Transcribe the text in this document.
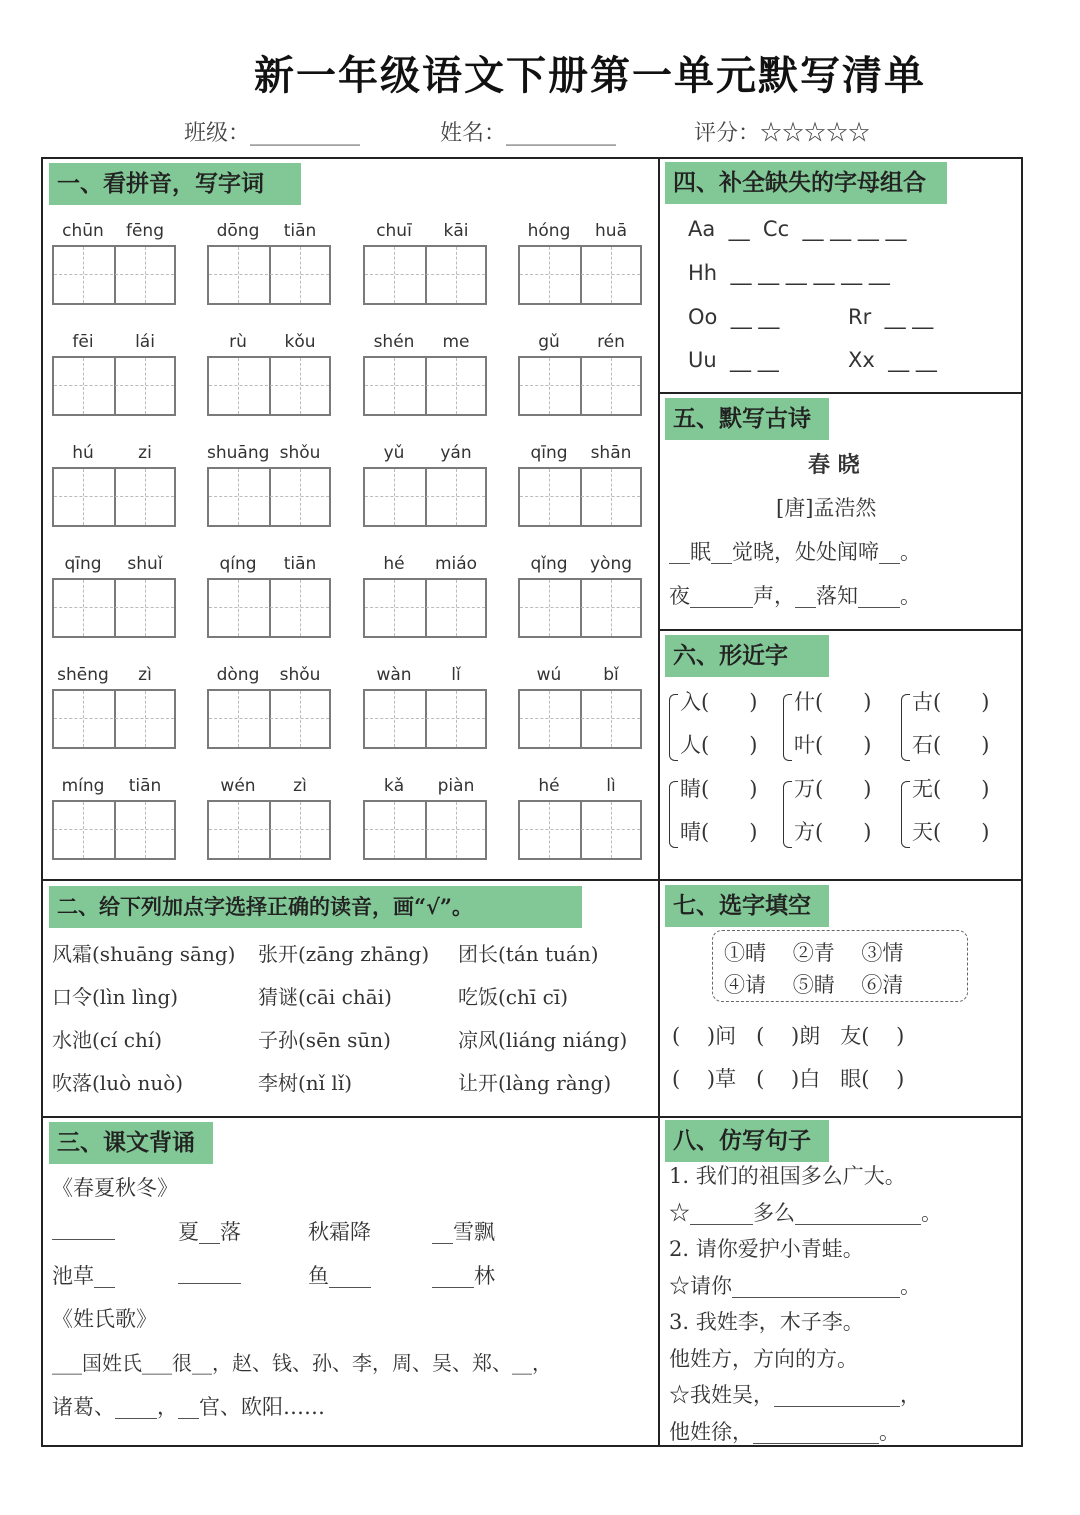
新一年级语文下册第一单元默写清单
班级：__________	姓名：__________	评分：☆☆☆☆☆
一、看拼音，写字词
二、给下列加点字选择正确的读音，画“√”。
三、课文背诵
四、补全缺失的字母组合
五、默写古诗
六、形近字
七、选字填空
八、仿写句子
chūn	fēng	dōng	tiān	chuī	kāi	hóng	huā
fēi	lái	rù	kǒu	shén	me	gǔ	rén
hú	zi	shuāng shǒu	yǔ	yán	qīng	shān
qīng	shuǐ	qíng	tiān	hé	miáo	qǐng	yòng
shēng	zì	dòng	shǒu	wàn	lǐ	wú	bǐ
míng	tiān	wén	zì	kǎ	piàn	hé	lì
风霜(shuāng sāng) 张开(zāng zhāng) 团长(tán tuán)
口令(lìn lìng)	猜谜(cāi chāi)	吃饭(chī cī)
水池(cí chí)	子孙(sēn sūn)	凉风(liáng niáng)
吹落(luò nuò)	李树(nǐ lǐ)	让开(làng ràng)
《春夏秋冬》
______	夏__落	秋霜降	__雪飘
池草__	______	鱼____	____林
《姓氏歌》
___国姓氏___很__，赵、钱、孙、李，周、吴、郑、__，
诸葛、____，__官、欧阳……
Aa  __  Cc  __ __ __ __
Hh  __ __ __ __ __ __
Oo  __ __	Rr  __ __
Uu  __ __	Xx  __ __
春 晓
[唐]孟浩然
__眠__觉晓，处处闻啼__。
夜______声，__落知____。
入(      ) 什(      ) 古(      )
人(      ) 叶(      ) 石(      )
睛(      ) 万(      ) 无(      )
晴(      ) 方(      ) 天(      )
①晴    ②青    ③情
④请    ⑤睛    ⑥清
(    )问   (    )朗   友(    )
(    )草   (    )白   眼(    )
1. 我们的祖国多么广大。
☆______多么____________。
2. 请你爱护小青蛙。
☆请你________________。
3. 我姓李，木子李。
他姓方，方向的方。
☆我姓吴，____________，
他姓徐，____________。
